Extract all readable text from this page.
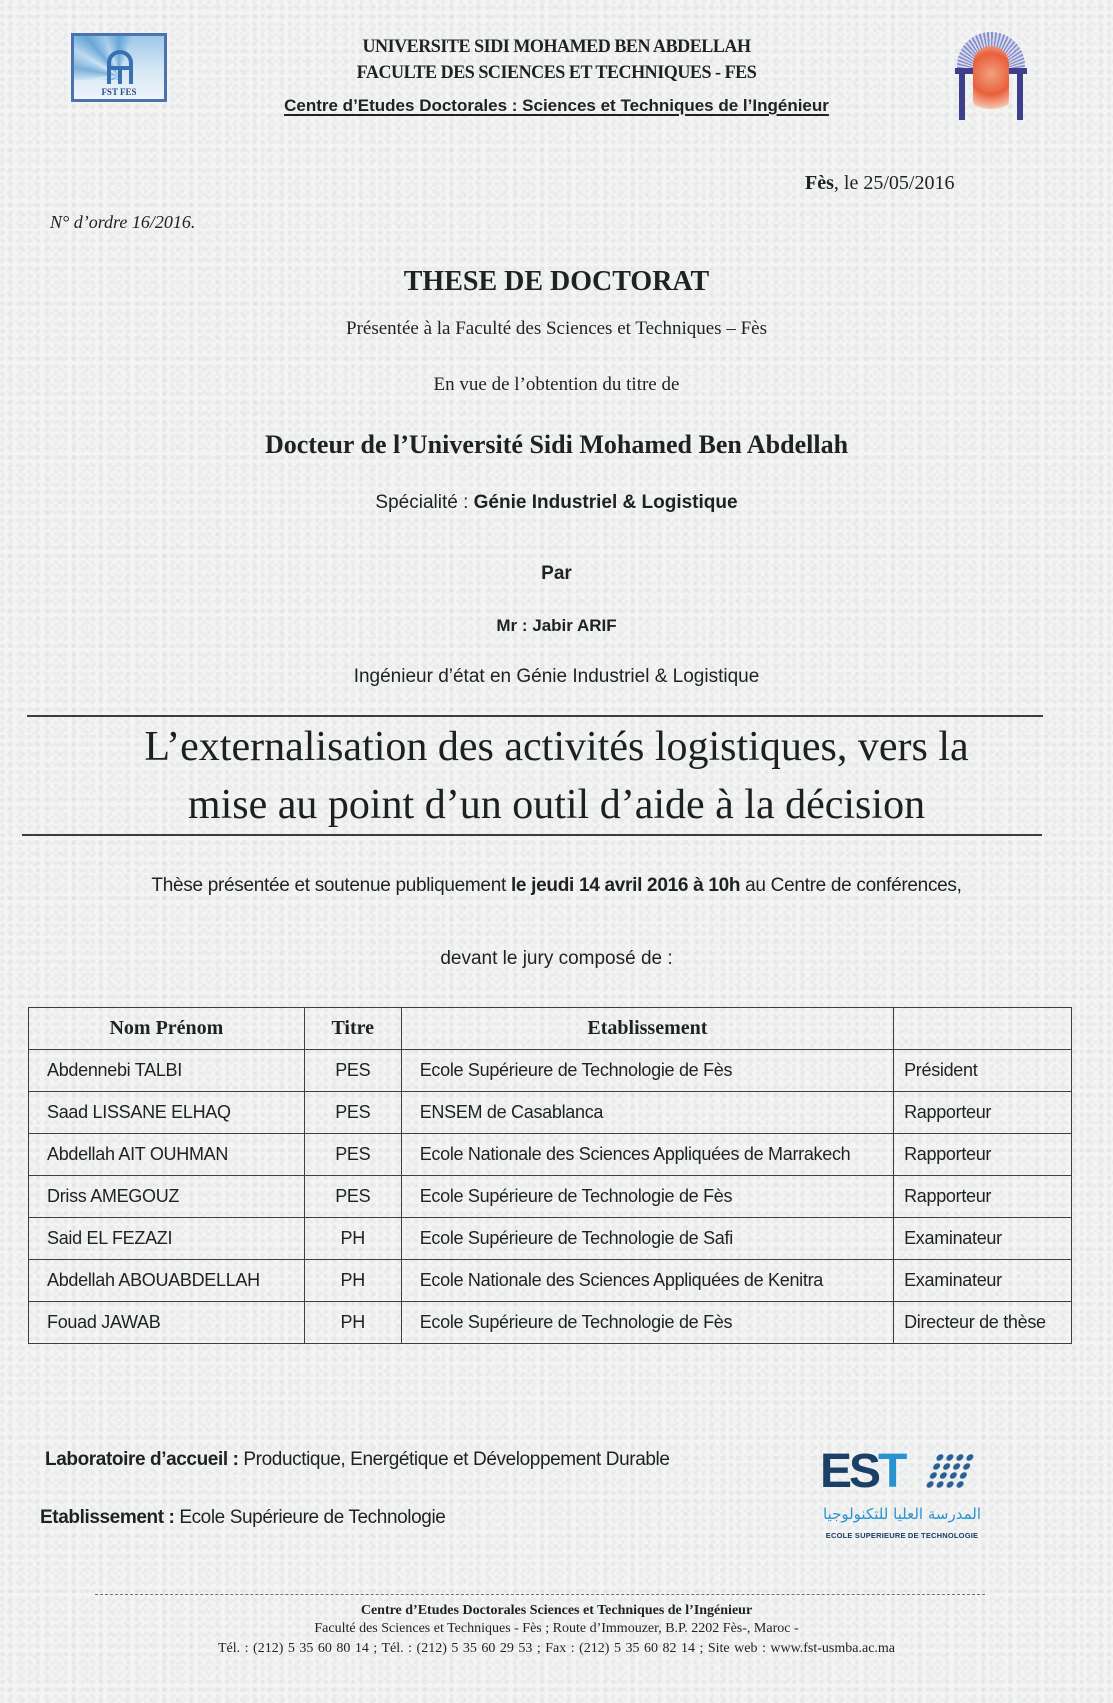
FST FES
UNIVERSITE SIDI MOHAMED BEN ABDELLAH
FACULTE DES SCIENCES ET TECHNIQUES - FES
Centre d’Etudes Doctorales : Sciences et Techniques de l’Ingénieur
Fès, le 25/05/2016
N° d’ordre 16/2016.
THESE DE DOCTORAT
Présentée à la Faculté des Sciences et Techniques – Fès
En vue de l’obtention du titre de
Docteur de l’Université Sidi Mohamed Ben Abdellah
Spécialité : Génie Industriel & Logistique
Par
Mr : Jabir ARIF
Ingénieur d’état en Génie Industriel & Logistique
L’externalisation des activités logistiques, vers la
mise au point d’un outil d’aide à la décision
Thèse présentée et soutenue publiquement le jeudi 14 avril 2016 à 10h au Centre de conférences,
devant le jury composé de :
Nom Prénom	Titre	Etablissement	
Abdennebi TALBI	PES	Ecole Supérieure de Technologie de Fès	Président
Saad LISSANE ELHAQ	PES	ENSEM de Casablanca	Rapporteur
Abdellah AIT OUHMAN	PES	Ecole Nationale des Sciences Appliquées de Marrakech	Rapporteur
Driss AMEGOUZ	PES	Ecole Supérieure de Technologie de Fès	Rapporteur
Said EL FEZAZI	PH	Ecole Supérieure de Technologie de Safi	Examinateur
Abdellah ABOUABDELLAH	PH	Ecole Nationale des Sciences Appliquées de Kenitra	Examinateur
Fouad JAWAB	PH	Ecole Supérieure de Technologie de Fès	Directeur de thèse
Laboratoire d’accueil : Productique, Energétique et Développement Durable
Etablissement : Ecole Supérieure de Technologie
EST
المدرسة العليا للتكنولوجيا
ECOLE SUPERIEURE DE TECHNOLOGIE
Centre d’Etudes Doctorales Sciences et Techniques de l’Ingénieur
Faculté des Sciences et Techniques - Fès ; Route d’Immouzer, B.P. 2202 Fès-, Maroc -
Tél. : (212) 5 35 60 80 14 ; Tél. : (212) 5 35 60 29 53 ; Fax : (212) 5 35 60 82 14 ; Site web : www.fst-usmba.ac.ma
